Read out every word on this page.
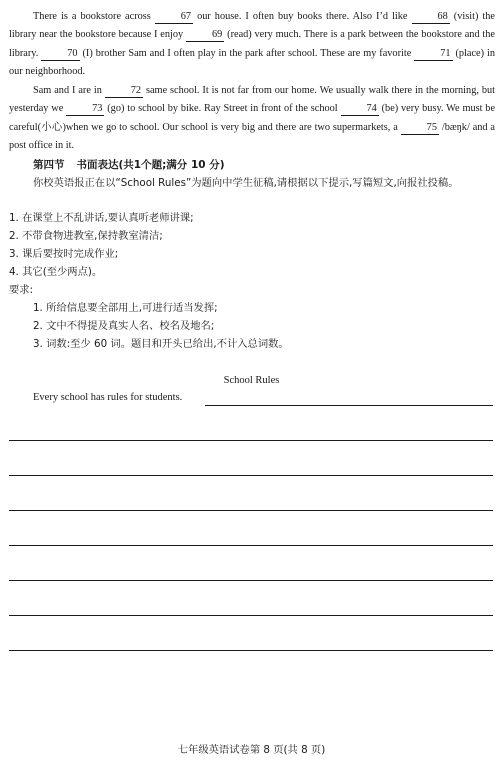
There is a bookstore across	67 our house. I often buy books there. Also I’d like	68 (visit) the library near the bookstore because I enjoy	69 (read) very much. There is a park between the bookstore and the library.	70 (I) brother Sam and I often play in the park after school. These are my favorite	71 (place) in our neighborhood.
Sam and I are in	72 same school. It is not far from our home. We usually walk there in the morning, but yesterday we	73 (go) to school by bike. Ray Street in front of the school	74 (be) very busy. We must be careful(小心)when we go to school. Our school is very big and there are two supermarkets, a	75 /bæŋk/ and a post office in it.
第四节 书面表达(共1个题;满分 10 分)
你校英语报正在以“School Rules”为题向中学生征稿,请根据以下提示,写篇短文,向报社投稿。
1. 在课堂上不乱讲话,要认真听老师讲课;
2. 不带食物进教室,保持教室清洁;
3. 课后要按时完成作业;
4. 其它(至少两点)。
要求:
1. 所给信息要全部用上,可进行适当发挥;
2. 文中不得提及真实人名、校名及地名;
3. 词数:至少 60 词。题目和开头已给出,不计入总词数。
School Rules
Every school has rules for students.
七年级英语试卷第 8 页(共 8 页)
